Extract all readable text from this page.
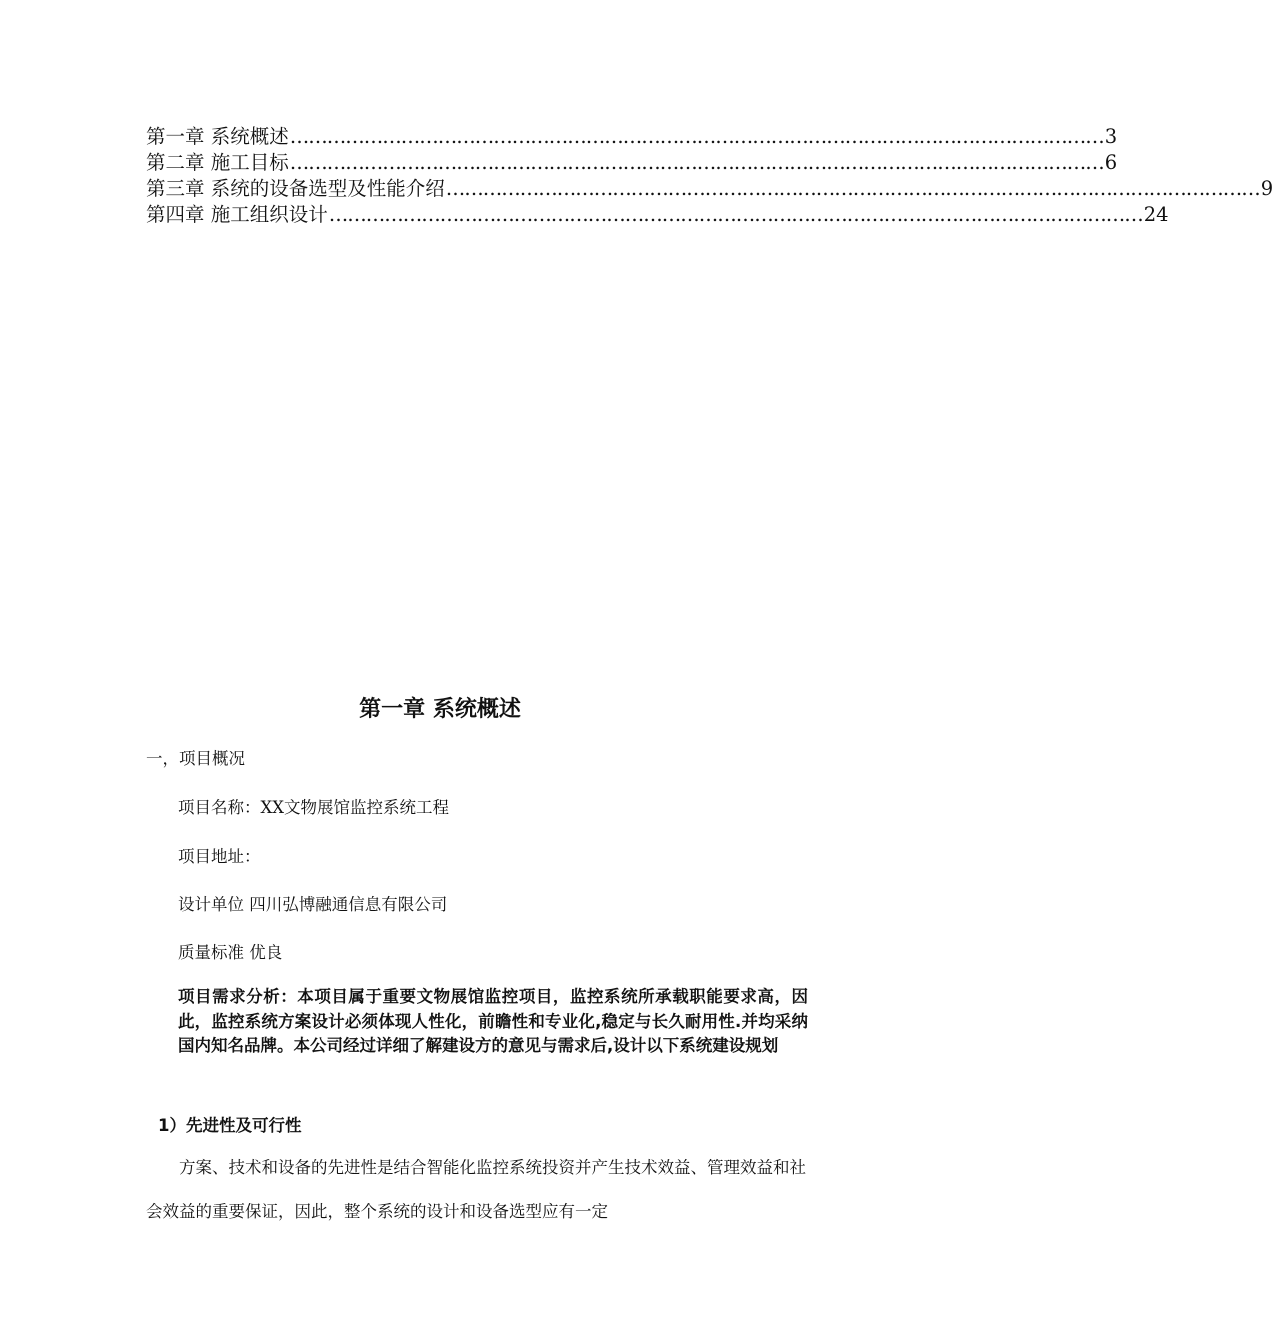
第一章 系统概述 …………………………………………………………………………………………………………………… 3
第二章 施工目标 …………………………………………………………………………………………………………………… 6
第三章 系统的设备选型及性能介绍 …………………………………………………………………………………………………………………… 9
第四章 施工组织设计 …………………………………………………………………………………………………………………… 24
第一章 系统概述
一，项目概况
项目名称：XX文物展馆监控系统工程
项目地址：
设计单位 四川弘博融通信息有限公司
质量标准 优良
项目需求分析：本项目属于重要文物展馆监控项目，监控系统所承载职能要求高，因此，监控系统方案设计必须体现人性化，前瞻性和专业化,稳定与长久耐用性.并均采纳国内知名品牌。本公司经过详细了解建设方的意见与需求后,设计以下系统建设规划
1）先进性及可行性
方案、技术和设备的先进性是结合智能化监控系统投资并产生技术效益、管理效益和社会效益的重要保证，因此，整个系统的设计和设备选型应有一定
